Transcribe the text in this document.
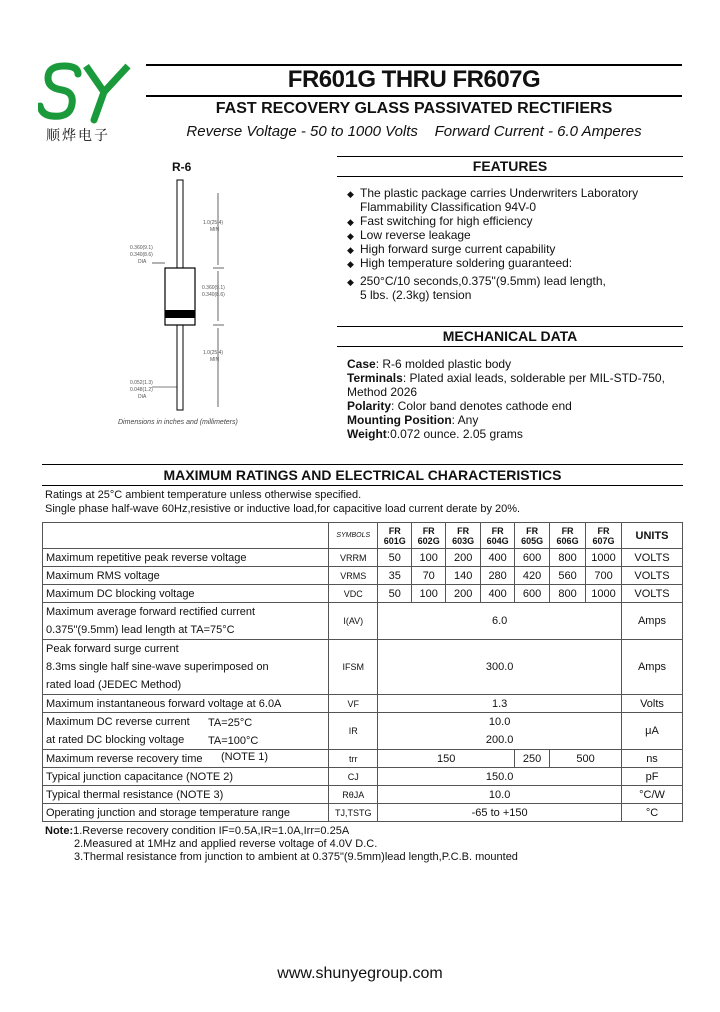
顺烨电子
FR601G THRU FR607G
FAST RECOVERY GLASS PASSIVATED RECTIFIERS
Reverse Voltage - 50 to 1000 Volts Forward Current - 6.0 Amperes
R-6
1.0(25.4)
MIN
0.360(9.1)
0.340(8.6)
DIA
0.360(9.1)
0.340(8.6)
1.0(25.4)
MIN
0.052(1.3)
0.048(1.2)
DIA
Dimensions in inches and (millimeters)
FEATURES
◆ The plastic package carries Underwriters Laboratory
Flammability Classification 94V-0
◆ Fast switching for high efficiency
◆ Low reverse leakage
◆ High forward surge current capability
◆ High temperature soldering guaranteed:
◆ 250°C/10 seconds,0.375"(9.5mm) lead length,
5 lbs. (2.3kg) tension
MECHANICAL DATA
Case: R-6 molded plastic body
Terminals: Plated axial leads, solderable per MIL-STD-750,
Method 2026
Polarity: Color band denotes cathode end
Mounting Position: Any
Weight:0.072 ounce. 2.05 grams
MAXIMUM RATINGS AND ELECTRICAL CHARACTERISTICS
Ratings at 25°C ambient temperature unless otherwise specified.
Single phase half-wave 60Hz,resistive or inductive load,for capacitive load current derate by 20%.
	SYMBOLS	FR
601G	FR
602G	FR
603G	FR
604G	FR
605G	FR
606G	FR
607G	UNITS
Maximum repetitive peak reverse voltage	VRRM	50	100	200	400	600	800	1000	VOLTS
Maximum RMS voltage	VRMS	35	70	140	280	420	560	700	VOLTS
Maximum DC blocking voltage	VDC	50	100	200	400	600	800	1000	VOLTS
Maximum average forward rectified current
0.375"(9.5mm) lead length at TA=75°C	I(AV)	6.0							Amps
Peak forward surge current
8.3ms single half sine-wave superimposed on
rated load (JEDEC Method)	IFSM	300.0							Amps
Maximum instantaneous forward voltage at 6.0A	VF	1.3							Volts
Maximum DC reverse current TA=25°C

at rated DC blocking voltage TA=100°C	IR	10.0
200.0							μA
Maximum reverse recovery time (NOTE 1)	trr	150				250	500		ns
Typical junction capacitance (NOTE 2)	CJ	150.0							pF
Typical thermal resistance (NOTE 3)	RθJA	10.0							°C/W
Operating junction and storage temperature range	TJ,TSTG	-65 to +150							°C
Note:1.Reverse recovery condition IF=0.5A,IR=1.0A,Irr=0.25A
2.Measured at 1MHz and applied reverse voltage of 4.0V D.C.
3.Thermal resistance from junction to ambient at 0.375"(9.5mm)lead length,P.C.B. mounted
www.shunyegroup.com
